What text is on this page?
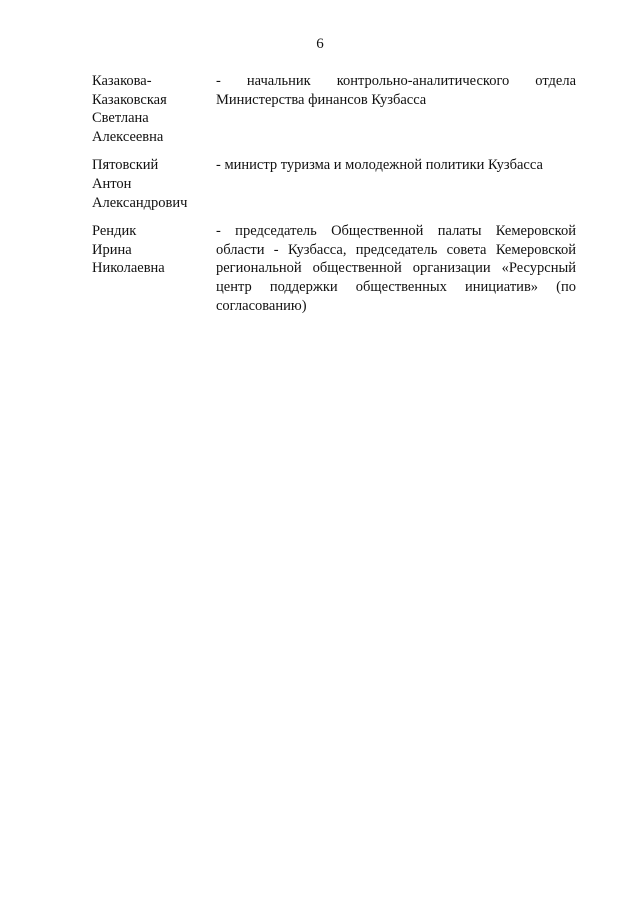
6
Казакова-
Казаковская
Светлана
Алексеевна
- начальник контрольно-аналитического отдела
Министерства финансов Кузбасса
Пятовский
Антон
Александрович
- министр туризма и молодежной политики Кузбасса
Рендик
Ирина
Николаевна
- председатель Общественной палаты Кемеровской
области - Кузбасса, председатель совета Кемеровской
региональной общественной организации «Ресурсный
центр поддержки общественных инициатив» (по
согласованию)
